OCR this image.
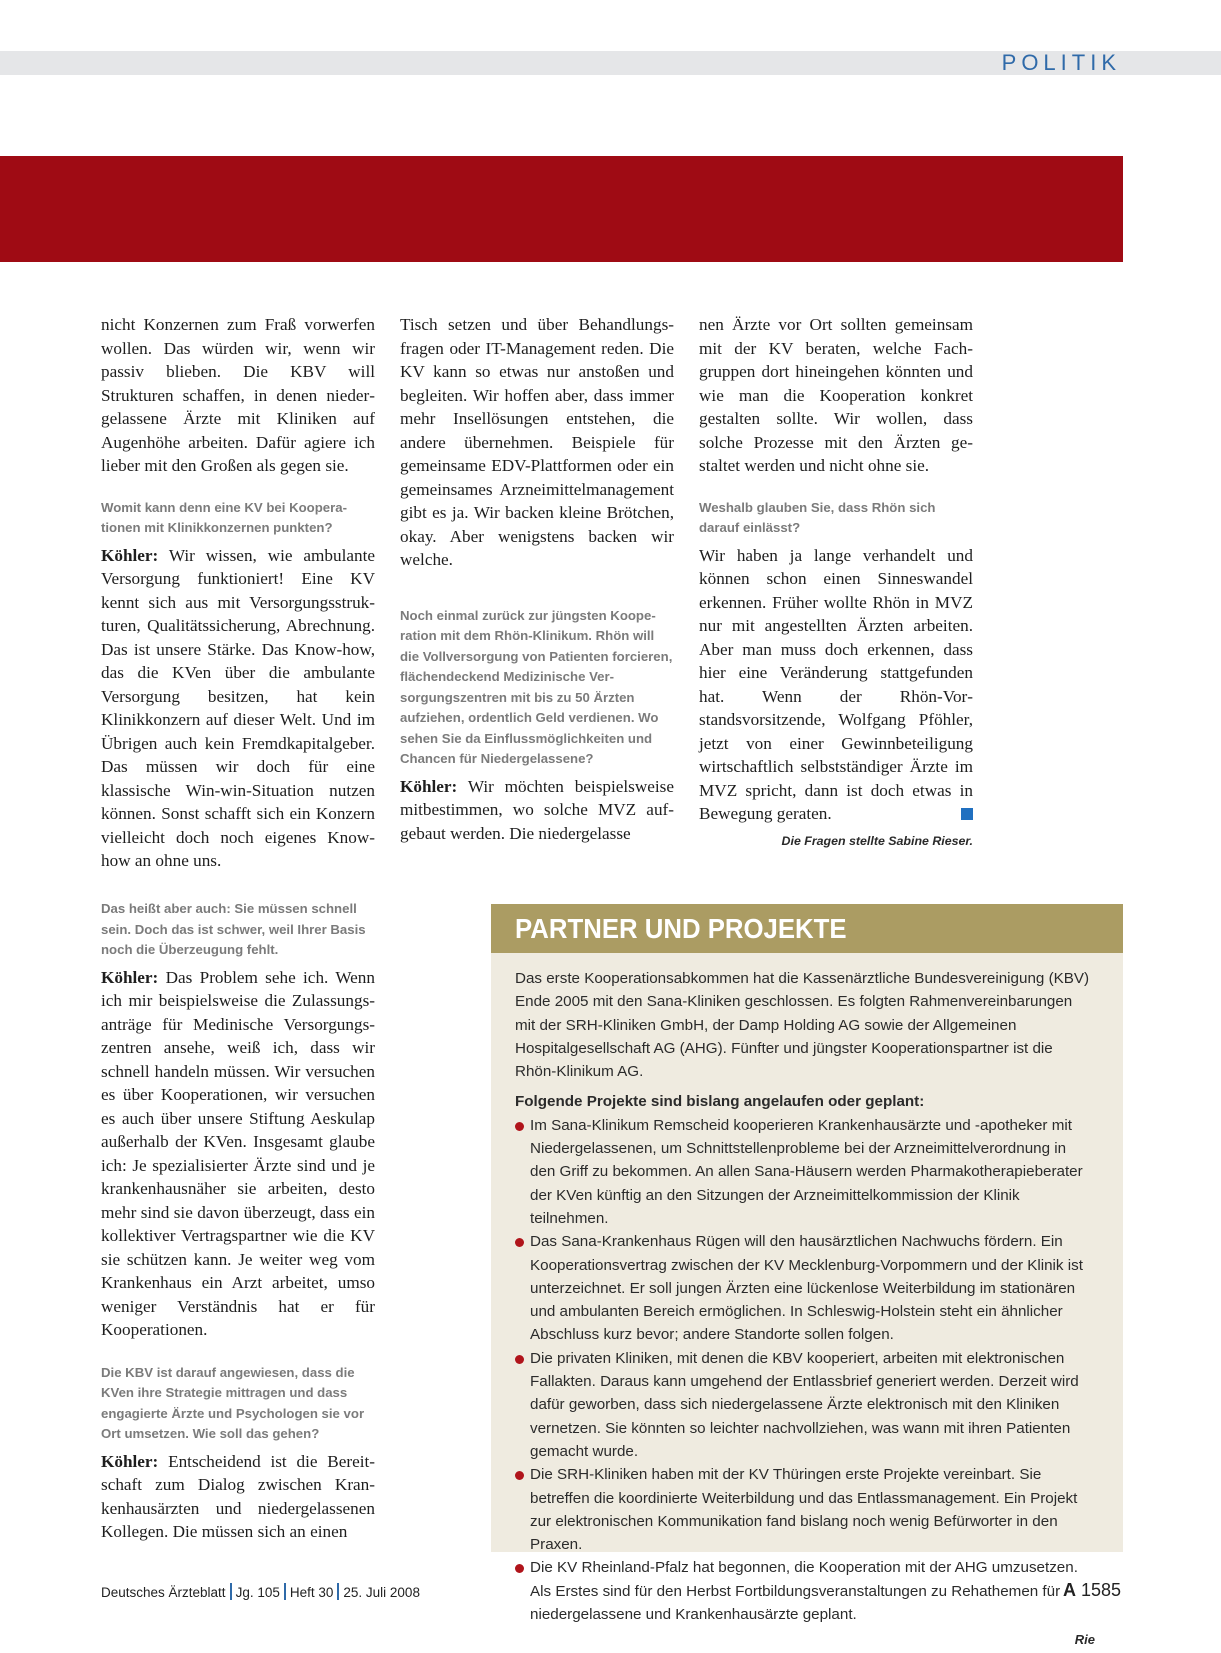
POLITIK

nicht Konzernen zum Fraß vorwerfen wollen. Das würden wir, wenn wir passiv blieben. Die KBV will Strukturen schaffen, in denen niedergelassene Ärzte mit Kliniken auf Augenhöhe arbeiten. Dafür agiere ich lieber mit den Großen als gegen sie.

Womit kann denn eine KV bei Kooperationen mit Klinikkonzernen punkten?

Köhler: Wir wissen, wie ambulante Versorgung funktioniert! Eine KV kennt sich aus mit Versorgungsstrukturen, Qualitätssicherung, Abrechnung. Das ist unsere Stärke. Das Know-how, das die KVen über die ambulante Versorgung besitzen, hat kein Klinikkonzern auf dieser Welt. Und im Übrigen auch kein Fremdkapitalgeber. Das müssen wir doch für eine klassische Win-win-Situation nutzen können. Sonst schafft sich ein Konzern vielleicht doch noch eigenes Know-how an ohne uns.

Das heißt aber auch: Sie müssen schnell sein. Doch das ist schwer, weil Ihrer Basis noch die Überzeugung fehlt.

Köhler: Das Problem sehe ich. Wenn ich mir beispielsweise die Zulassungsanträge für Medinische Versorgungszentren ansehe, weiß ich, dass wir schnell handeln müssen. Wir versuchen es über Kooperationen, wir versuchen es auch über unsere Stiftung Aeskulap außerhalb der KVen. Insgesamt glaube ich: Je spezialisierter Ärzte sind und je krankenhausnäher sie arbeiten, desto mehr sind sie davon überzeugt, dass ein kollektiver Vertragspartner wie die KV sie schützen kann. Je weiter weg vom Krankenhaus ein Arzt arbeitet, umso weniger Verständnis hat er für Kooperationen.

Die KBV ist darauf angewiesen, dass die KVen ihre Strategie mittragen und dass engagierte Ärzte und Psychologen sie vor Ort umsetzen. Wie soll das gehen?

Köhler: Entscheidend ist die Bereitschaft zum Dialog zwischen Krankenhausärzten und niedergelassenen Kollegen. Die müssen sich an einen

Tisch setzen und über Behandlungsfragen oder IT-Management reden. Die KV kann so etwas nur anstoßen und begleiten. Wir hoffen aber, dass immer mehr Insellösungen entstehen, die andere übernehmen. Beispiele für gemeinsame EDV-Plattformen oder ein gemeinsames Arzneimittelmanagement gibt es ja. Wir backen kleine Brötchen, okay. Aber wenigstens backen wir welche.

Noch einmal zurück zur jüngsten Kooperation mit dem Rhön-Klinikum. Rhön will die Vollversorgung von Patienten forcieren, flächendeckend Medizinische Versorgungszentren mit bis zu 50 Ärzten aufziehen, ordentlich Geld verdienen. Wo sehen Sie da Einflussmöglichkeiten und Chancen für Niedergelassene?

Köhler: Wir möchten beispielsweise mitbestimmen, wo solche MVZ aufgebaut werden. Die niedergelasse

nen Ärzte vor Ort sollten gemeinsam mit der KV beraten, welche Fachgruppen dort hineingehen könnten und wie man die Kooperation konkret gestalten sollte. Wir wollen, dass solche Prozesse mit den Ärzten gestaltet werden und nicht ohne sie.

Weshalb glauben Sie, dass Rhön sich darauf einlässt?

Wir haben ja lange verhandelt und können schon einen Sinneswandel erkennen. Früher wollte Rhön in MVZ nur mit angestellten Ärzten arbeiten. Aber man muss doch erkennen, dass hier eine Veränderung stattgefunden hat. Wenn der Rhön-Vorstandsvorsitzende, Wolfgang Pföhler, jetzt von einer Gewinnbeteiligung wirtschaftlich selbstständiger Ärzte im MVZ spricht, dann ist doch etwas in Bewegung geraten.

Die Fragen stellte Sabine Rieser.

PARTNER UND PROJEKTE

Das erste Kooperationsabkommen hat die Kassenärztliche Bundesvereinigung (KBV) Ende 2005 mit den Sana-Kliniken geschlossen. Es folgten Rahmenvereinbarungen mit der SRH-Kliniken GmbH, der Damp Holding AG sowie der Allgemeinen Hospitalgesellschaft AG (AHG). Fünfter und jüngster Kooperationspartner ist die Rhön-Klinikum AG.

Folgende Projekte sind bislang angelaufen oder geplant:

Im Sana-Klinikum Remscheid kooperieren Krankenhausärzte und -apotheker mit Niedergelassenen, um Schnittstellenprobleme bei der Arzneimittelverordnung in den Griff zu bekommen. An allen Sana-Häusern werden Pharmakotherapieberater der KVen künftig an den Sitzungen der Arzneimittelkommission der Klinik teilnehmen.
Das Sana-Krankenhaus Rügen will den hausärztlichen Nachwuchs fördern. Ein Kooperationsvertrag zwischen der KV Mecklenburg-Vorpommern und der Klinik ist unterzeichnet. Er soll jungen Ärzten eine lückenlose Weiterbildung im stationären und ambulanten Bereich ermöglichen. In Schleswig-Holstein steht ein ähnlicher Abschluss kurz bevor; andere Standorte sollen folgen.
Die privaten Kliniken, mit denen die KBV kooperiert, arbeiten mit elektronischen Fallakten. Daraus kann umgehend der Entlassbrief generiert werden. Derzeit wird dafür geworben, dass sich niedergelassene Ärzte elektronisch mit den Kliniken vernetzen. Sie könnten so leichter nachvollziehen, was wann mit ihren Patienten gemacht wurde.
Die SRH-Kliniken haben mit der KV Thüringen erste Projekte vereinbart. Sie betreffen die koordinierte Weiterbildung und das Entlassmanagement. Ein Projekt zur elektronischen Kommunikation fand bislang noch wenig Befürworter in den Praxen.
Die KV Rheinland-Pfalz hat begonnen, die Kooperation mit der AHG umzusetzen. Als Erstes sind für den Herbst Fortbildungsveranstaltungen zu Rehathemen für niedergelassene und Krankenhausärzte geplant.
Rie
Deutsches Ärzteblatt Jg. 105 Heft 30 25. Juli 2008	A 1585
